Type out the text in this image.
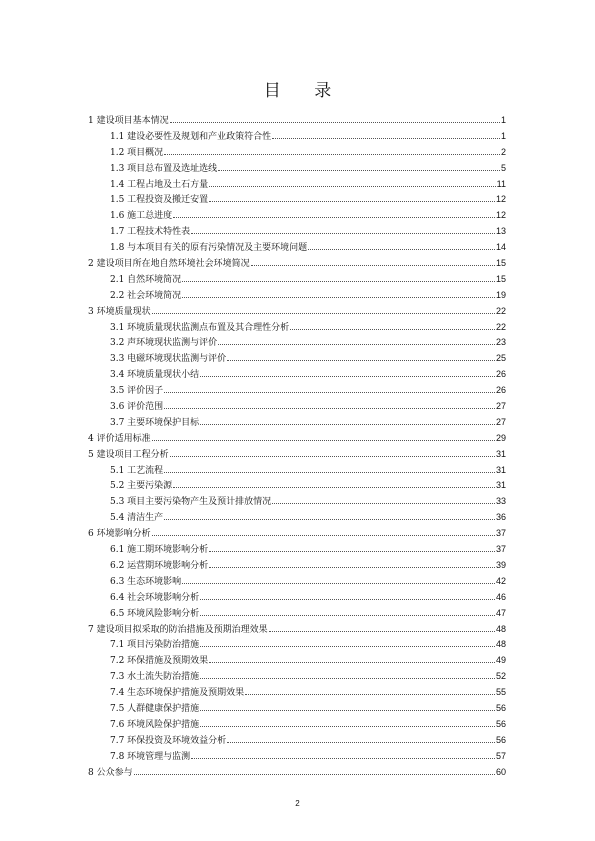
目 录
1 建设项目基本情况	1
1.1 建设必要性及规划和产业政策符合性	1
1.2 项目概况	2
1.3 项目总布置及选址选线	5
1.4 工程占地及土石方量	11
1.5 工程投资及搬迁安置	12
1.6 施工总进度	12
1.7 工程技术特性表	13
1.8 与本项目有关的原有污染情况及主要环境问题	14
2 建设项目所在地自然环境社会环境简况	15
2.1 自然环境简况	15
2.2 社会环境简况	19
3 环境质量现状	22
3.1 环境质量现状监测点布置及其合理性分析	22
3.2 声环境现状监测与评价	23
3.3 电磁环境现状监测与评价	25
3.4 环境质量现状小结	26
3.5 评价因子	26
3.6 评价范围	27
3.7 主要环境保护目标	27
4 评价适用标准	29
5 建设项目工程分析	31
5.1 工艺流程	31
5.2 主要污染源	31
5.3 项目主要污染物产生及预计排放情况	33
5.4 清洁生产	36
6 环境影响分析	37
6.1 施工期环境影响分析	37
6.2 运营期环境影响分析	39
6.3 生态环境影响	42
6.4 社会环境影响分析	46
6.5 环境风险影响分析	47
7 建设项目拟采取的防治措施及预期治理效果	48
7.1 项目污染防治措施	48
7.2 环保措施及预期效果	49
7.3 水土流失防治措施	52
7.4 生态环境保护措施及预期效果	55
7.5 人群健康保护措施	56
7.6 环境风险保护措施	56
7.7 环保投资及环境效益分析	56
7.8 环境管理与监测	57
8 公众参与	60
2
